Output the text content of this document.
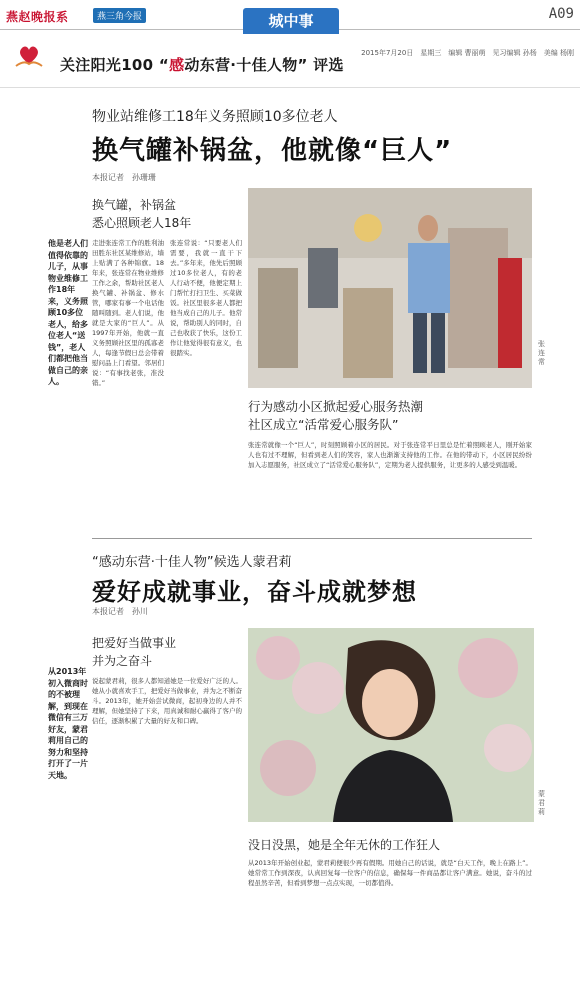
燕赵晚报系	燕三角今报	城中事	A09
关注阳光100 “感动东营·十佳人物” 评选
2015年7月20日　星期三　编辑 曹丽萌　见习编辑 孙杨　美编 杨刚
物业站维修工18年义务照顾10多位老人
换气罐补锅盆，他就像“巨人”
本报记者　孙珊珊
换气罐，补锅盆
悉心照顾老人18年
他是老人们值得依靠的儿子，从事物业维修工作18年来，义务照顾10多位老人，给多位老人“送钱”，老人们都把他当做自己的亲人。
走进张连常工作的胜利油田胜东社区某维修站，墙上贴满了各种锦旗。18年来，张连常在物业维修工作之余，帮助社区老人换气罐、补锅盆、修水管，哪家有事一个电话他随叫随到。老人们说，他就是大家的“巨人”。从1997年开始，他就一直义务照顾社区里的孤寡老人，每逢节假日总会带着慰问品上门看望。邻居们说：“有事找老张，准没错。”
张连常说：“只要老人们需要，我就一直干下去。”多年来，他先后照顾过10多位老人，有的老人行动不便，他便定期上门帮忙打扫卫生、买菜做饭。社区里很多老人都把他当成自己的儿子。他常说，帮助别人的同时，自己也收获了快乐，这份工作让他觉得很有意义，也很踏实。
张连常
行为感动小区掀起爱心服务热潮
社区成立“活常爱心服务队”
张连常就像一个“巨人”，时刻照顾着小区的居民。对于张连常平日里总是忙着照顾老人，刚开始家人也有过不理解，但看到老人们的笑容，家人也渐渐支持他的工作。在他的带动下，小区居民纷纷加入志愿服务，社区成立了“活常爱心服务队”，定期为老人提供服务，让更多的人感受到温暖。
“感动东营·十佳人物”候选人蒙君莉
爱好成就事业，奋斗成就梦想
本报记者　孙川
把爱好当做事业
并为之奋斗
从2013年初入微商时的不被理解，到现在微信有三万好友，蒙君莉用自己的努力和坚持打开了一片天地。
说起蒙君莉，很多人都知道她是一位爱好广泛的人。她从小就喜欢手工，把爱好当做事业，并为之不断奋斗。2013年，她开始尝试微商，起初身边的人并不理解，但她坚持了下来，用真诚和耐心赢得了客户的信任，逐渐积累了大量的好友和口碑。
蒙君莉
没日没黑，她是全年无休的工作狂人
从2013年开始创业起，蒙君莉便很少再有假期。用她自己的话说，就是“白天工作，晚上在路上”。她常常工作到深夜，认真回复每一位客户的信息，确保每一件商品都让客户满意。她说，奋斗的过程虽然辛苦，但看到梦想一点点实现，一切都值得。
